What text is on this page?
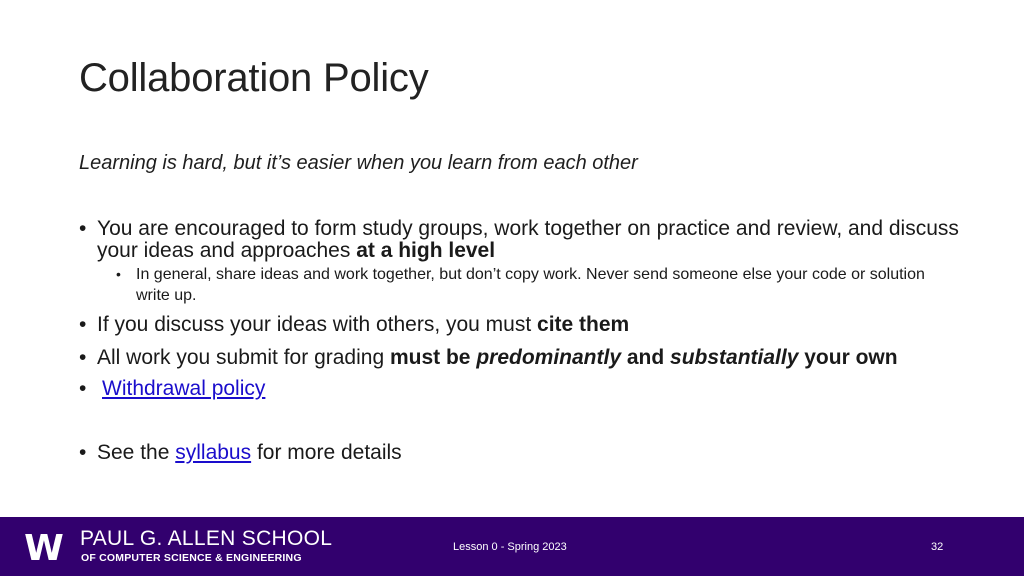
Collaboration Policy
Learning is hard, but it’s easier when you learn from each other
• You are encouraged to form study groups, work together on practice and review, and discuss your ideas and approaches at a high level
• In general, share ideas and work together, but don’t copy work. Never send someone else your code or solution write up.
• If you discuss your ideas with others, you must cite them
• All work you submit for grading must be predominantly and substantially your own
• Withdrawal policy
• See the syllabus for more details
W PAUL G. ALLEN SCHOOL
OF COMPUTER SCIENCE & ENGINEERING
Lesson 0 - Spring 2023	32
